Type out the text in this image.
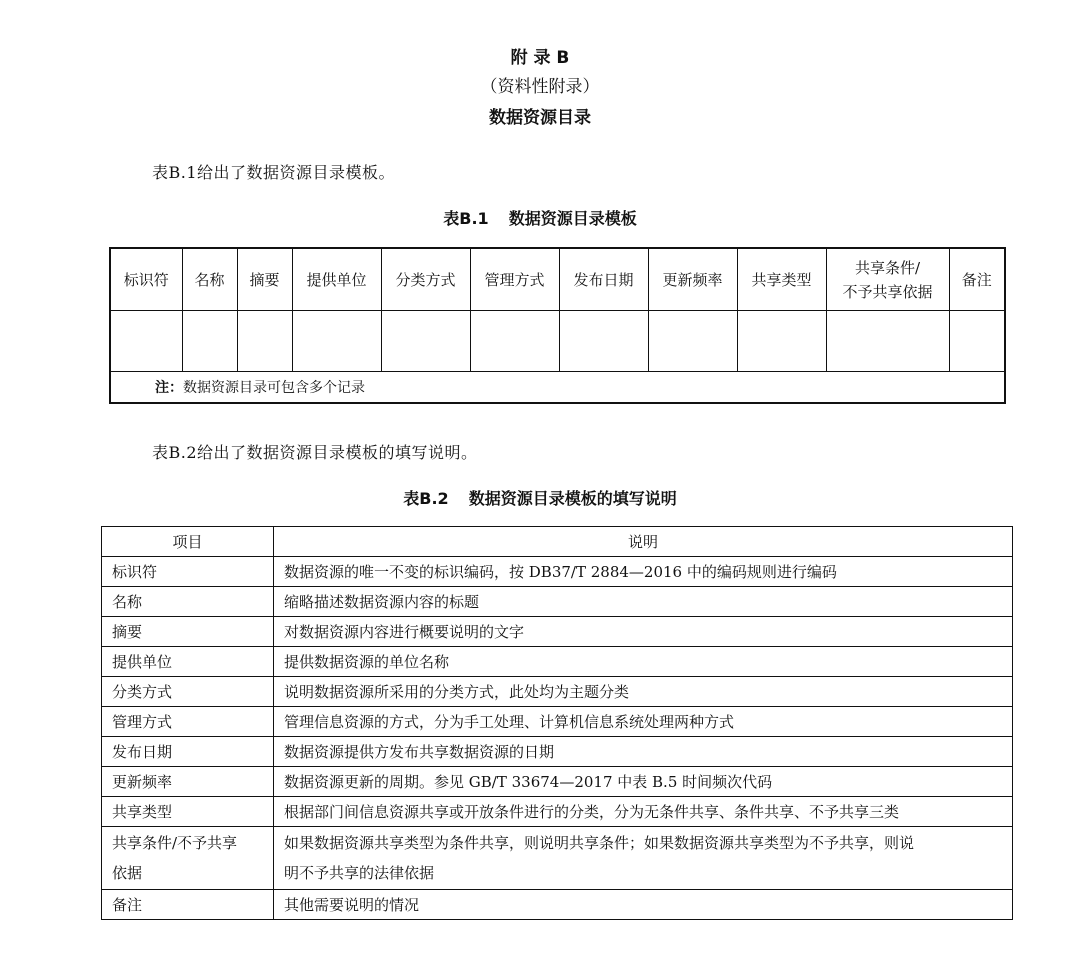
附 录 B
（资料性附录）
数据资源目录
表B.1给出了数据资源目录模板。
表B.1 数据资源目录模板
标识符	名称	摘要	提供单位	分类方式	管理方式	发布日期	更新频率	共享类型	共享条件/
不予共享依据	备注

注：数据资源目录可包含多个记录										
表B.2给出了数据资源目录模板的填写说明。
表B.2 数据资源目录模板的填写说明
项目	说明
标识符	数据资源的唯一不变的标识编码，按 DB37/T 2884—2016 中的编码规则进行编码
名称	缩略描述数据资源内容的标题
摘要	对数据资源内容进行概要说明的文字
提供单位	提供数据资源的单位名称
分类方式	说明数据资源所采用的分类方式，此处均为主题分类
管理方式	管理信息资源的方式，分为手工处理、计算机信息系统处理两种方式
发布日期	数据资源提供方发布共享数据资源的日期
更新频率	数据资源更新的周期。参见 GB/T 33674—2017 中表 B.5 时间频次代码
共享类型	根据部门间信息资源共享或开放条件进行的分类，分为无条件共享、条件共享、不予共享三类
共享条件/不予共享
依据	如果数据资源共享类型为条件共享，则说明共享条件；如果数据资源共享类型为不予共享，则说
明不予共享的法律依据
备注	其他需要说明的情况
